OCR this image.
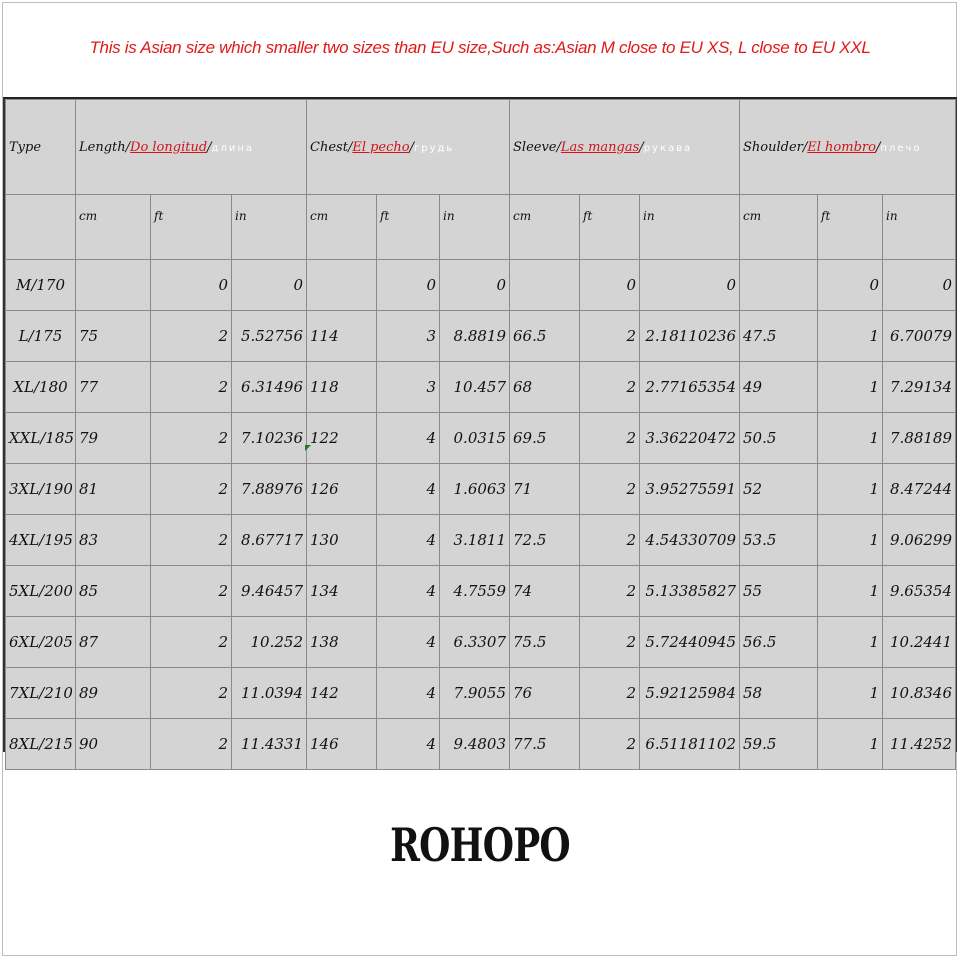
This is Asian size which smaller two sizes than EU size,Such as:Asian M close to EU XS, L close to EU XXL
Type	Length/Do longitud/длина			Chest/El pecho/грудь			Sleeve/Las mangas/рукава			Shoulder/El hombro/плечо		
	cm	ft	in	cm	ft	in	cm	ft	in	cm	ft	in
M/170		0	0		0	0		0	0		0	0
L/175	75	2	5.52756	114	3	8.8819	66.5	2	2.18110236	47.5	1	6.70079
XL/180	77	2	6.31496	118	3	10.457	68	2	2.77165354	49	1	7.29134
XXL/185	79	2	7.10236	122	4	0.0315	69.5	2	3.36220472	50.5	1	7.88189
3XL/190	81	2	7.88976	126	4	1.6063	71	2	3.95275591	52	1	8.47244
4XL/195	83	2	8.67717	130	4	3.1811	72.5	2	4.54330709	53.5	1	9.06299
5XL/200	85	2	9.46457	134	4	4.7559	74	2	5.13385827	55	1	9.65354
6XL/205	87	2	10.252	138	4	6.3307	75.5	2	5.72440945	56.5	1	10.2441
7XL/210	89	2	11.0394	142	4	7.9055	76	2	5.92125984	58	1	10.8346
8XL/215	90	2	11.4331	146	4	9.4803	77.5	2	6.51181102	59.5	1	11.4252
ROHOPO
